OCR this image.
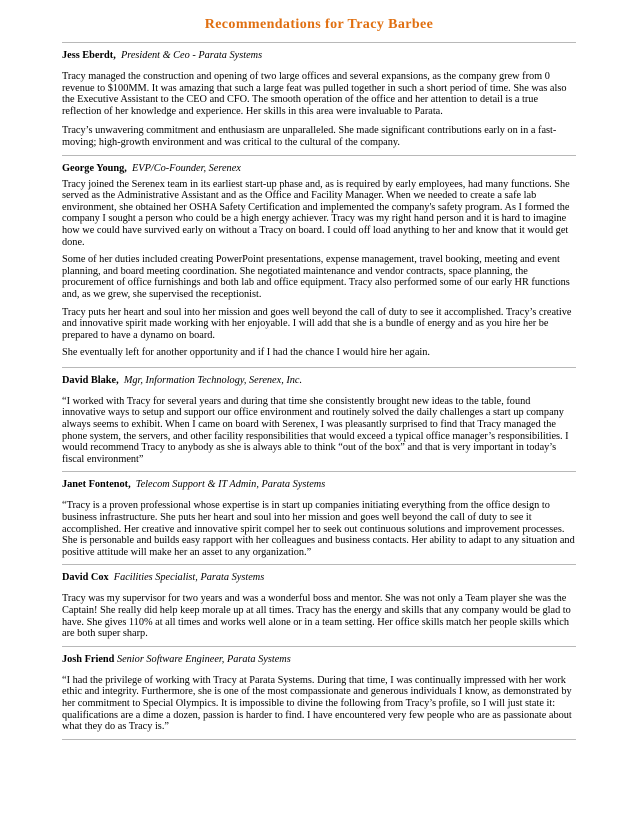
Recommendations for Tracy Barbee
Jess Eberdt, President & Ceo - Parata Systems

Tracy managed the construction and opening of two large offices and several expansions, as the company grew from 0 revenue to $100MM. It was amazing that such a large feat was pulled together in such a short period of time. She was also the Executive Assistant to the CEO and CFO. The smooth operation of the office and her attention to detail is a true reflection of her knowledge and experience. Her skills in this area were invaluable to Parata.

Tracy’s unwavering commitment and enthusiasm are unparalleled. She made significant contributions early on in a fast-moving; high-growth environment and was critical to the cultural of the company.

George Young, EVP/Co-Founder, Serenex

Tracy joined the Serenex team in its earliest start-up phase and, as is required by early employees, had many functions. She served as the Administrative Assistant and as the Office and Facility Manager. When we needed to create a safe lab environment, she obtained her OSHA Safety Certification and implemented the company's safety program. As I formed the company I sought a person who could be a high energy achiever. Tracy was my right hand person and it is hard to imagine how we could have survived early on without a Tracy on board. I could off load anything to her and know that it would get done.

Some of her duties included creating PowerPoint presentations, expense management, travel booking, meeting and event planning, and board meeting coordination. She negotiated maintenance and vendor contracts, space planning, the procurement of office furnishings and both lab and office equipment. Tracy also performed some of our early HR functions and, as we grew, she supervised the receptionist.

Tracy puts her heart and soul into her mission and goes well beyond the call of duty to see it accomplished. Tracy’s creative and innovative spirit made working with her enjoyable. I will add that she is a bundle of energy and as you hire her be prepared to have a dynamo on board.

She eventually left for another opportunity and if I had the chance I would hire her again.

David Blake, Mgr, Information Technology, Serenex, Inc.

“I worked with Tracy for several years and during that time she consistently brought new ideas to the table, found innovative ways to setup and support our office environment and routinely solved the daily challenges a start up company always seems to exhibit. When I came on board with Serenex, I was pleasantly surprised to find that Tracy managed the phone system, the servers, and other facility responsibilities that would exceed a typical office manager’s responsibilities. I would recommend Tracy to anybody as she is always able to think “out of the box” and that is very important in today’s fiscal environment”

Janet Fontenot, Telecom Support & IT Admin, Parata Systems

“Tracy is a proven professional whose expertise is in start up companies initiating everything from the office design to business infrastructure. She puts her heart and soul into her mission and goes well beyond the call of duty to see it accomplished. Her creative and innovative spirit compel her to seek out continuous solutions and improvement processes. She is personable and builds easy rapport with her colleagues and business contacts. Her ability to adapt to any situation and positive attitude will make her an asset to any organization.”

David Cox Facilities Specialist, Parata Systems

Tracy was my supervisor for two years and was a wonderful boss and mentor. She was not only a Team player she was the Captain! She really did help keep morale up at all times. Tracy has the energy and skills that any company would be glad to have. She gives 110% at all times and works well alone or in a team setting. Her office skills match her people skills which are both super sharp.

Josh Friend Senior Software Engineer, Parata Systems

“I had the privilege of working with Tracy at Parata Systems. During that time, I was continually impressed with her work ethic and integrity. Furthermore, she is one of the most compassionate and generous individuals I know, as demonstrated by her commitment to Special Olympics. It is impossible to divine the following from Tracy’s profile, so I will just state it: qualifications are a dime a dozen, passion is harder to find. I have encountered very few people who are as passionate about what they do as Tracy is.”
